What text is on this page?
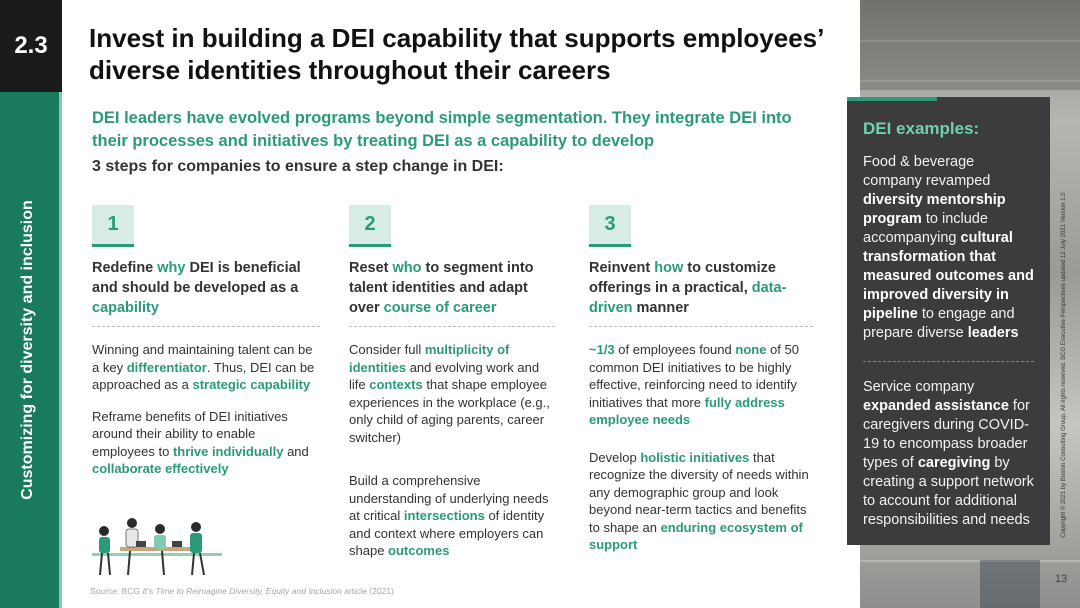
2.3
Customizing for diversity and inclusion
Invest in building a DEI capability that supports employees’ diverse identities throughout their careers
DEI leaders have evolved programs beyond simple segmentation. They integrate DEI into their processes and initiatives by treating DEI as a capability to develop
3 steps for companies to ensure a step change in DEI:
1	2	3
Redefine why DEI is beneficial and should be developed as a capability

Winning and maintaining talent can be a key differentiator. Thus, DEI can be approached as a strategic capability

Reframe benefits of DEI initiatives around their ability to enable employees to thrive individually and collaborate effectively

Reset who to segment into talent identities and adapt over course of career

Consider full multiplicity of identities and evolving work and life contexts that shape employee experiences in the workplace (e.g., only child of aging parents, career switcher)

Build a comprehensive understanding of underlying needs at critical intersections of identity and context where employers can shape outcomes

Reinvent how to customize offerings in a practical, data-driven manner

~1/3 of employees found none of 50 common DEI initiatives to be highly effective, reinforcing need to identify initiatives that more fully address employee needs

Develop holistic initiatives that recognize the diversity of needs within any demographic group and look beyond near-term tactics and benefits to shape an enduring ecosystem of support

Source: BCG It’s Time to Reimagine Diversity, Equity and Inclusion article (2021)
Copyright © 2021 by Boston Consulting Group. All rights reserved. BCG Executive Perspectives updated 12 July 2021 Version 1.0
DEI examples:
Food & beverage company revamped diversity mentorship program to include accompanying cultural transformation that measured outcomes and improved diversity in pipeline to engage and prepare diverse leaders
Service company expanded assistance for caregivers during COVID-19 to encompass broader types of caregiving by creating a support network to account for additional responsibilities and needs
13
